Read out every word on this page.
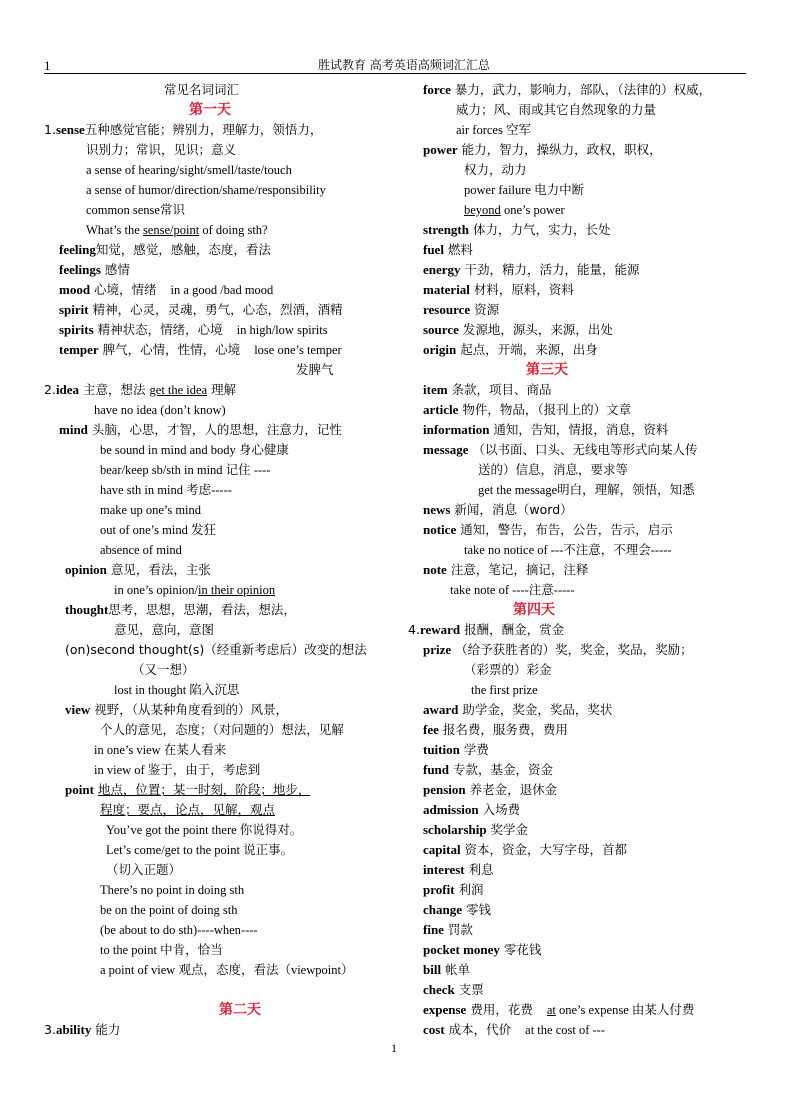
1	胜试教育 高考英语高频词汇汇总
常见名词词汇
第一天
1.sense五种感觉官能；辨别力，理解力，领悟力，
识别力；常识，见识；意义
a sense of hearing/sight/smell/taste/touch
a sense of humor/direction/shame/responsibility
common sense常识
What’s the sense/point of doing sth?
feeling知觉，感觉，感触，态度，看法
feelings 感情
mood 心境，情绪 in a good /bad mood
spirit 精神，心灵，灵魂，勇气，心态，烈酒，酒精
spirits 精神状态，情绪，心境 in high/low spirits
temper 脾气，心情，性情，心境 lose one’s temper
发脾气
2.idea 主意，想法 get the idea 理解
have no idea (don’t know)
mind 头脑，心思，才智，人的思想，注意力，记性
be sound in mind and body 身心健康
bear/keep sb/sth in mind 记住 ----
have sth in mind 考虑-----
make up one’s mind
out of one’s mind 发狂
absence of mind
opinion 意见，看法，主张
in one’s opinion/in their opinion
thought思考，思想，思潮，看法，想法，
意见，意向，意图
(on)second thought(s)（经重新考虑后）改变的想法
（又一想）
lost in thought 陷入沉思
view 视野，（从某种角度看到的）风景，
个人的意见，态度；（对问题的）想法，见解
in one’s view 在某人看来
in view of 鉴于，由于，考虑到
point 地点，位置；某一时刻，阶段；地步，
程度；要点，论点，见解，观点
You’ve got the point there 你说得对。
Let’s come/get to the point 说正事。
（切入正题）
There’s no point in doing sth
be on the point of doing sth
(be about to do sth)----when----
to the point 中肯，恰当
a point of view 观点，态度，看法（viewpoint）
第二天
3.ability 能力
force 暴力，武力，影响力，部队，（法律的）权威，
威力；风、雨或其它自然现象的力量
air forces 空军
power 能力，智力，操纵力，政权，职权，
权力，动力
power failure 电力中断
beyond one’s power
strength 体力，力气，实力，长处
fuel 燃料
energy 干劲，精力，活力，能量，能源
material 材料，原料，资料
resource 资源
source 发源地，源头，来源，出处
origin 起点，开端，来源，出身
第三天
item 条款，项目、商品
article 物件，物品，（报刊上的）文章
information 通知，告知，情报，消息，资料
message （以书面、口头、无线电等形式向某人传
送的）信息，消息，要求等
get the message明白，理解，领悟，知悉
news 新闻，消息（word）
notice 通知，警告，布告，公告，告示，启示
take no notice of ---不注意，不理会-----
note 注意，笔记，摘记，注释
take note of ----注意-----
第四天
4.reward 报酬，酬金，赏金
prize （给予获胜者的）奖，奖金，奖品，奖励；
（彩票的）彩金
the first prize
award 助学金，奖金，奖品，奖状
fee 报名费，服务费，费用
tuition 学费
fund 专款，基金，资金
pension 养老金，退休金
admission 入场费
scholarship 奖学金
capital 资本，资金，大写字母，首都
interest 利息
profit 利润
change 零钱
fine 罚款
pocket money 零花钱
bill 帐单
check 支票
expense 费用，花费 at one’s expense 由某人付费
cost 成本，代价 at the cost of ---
1
